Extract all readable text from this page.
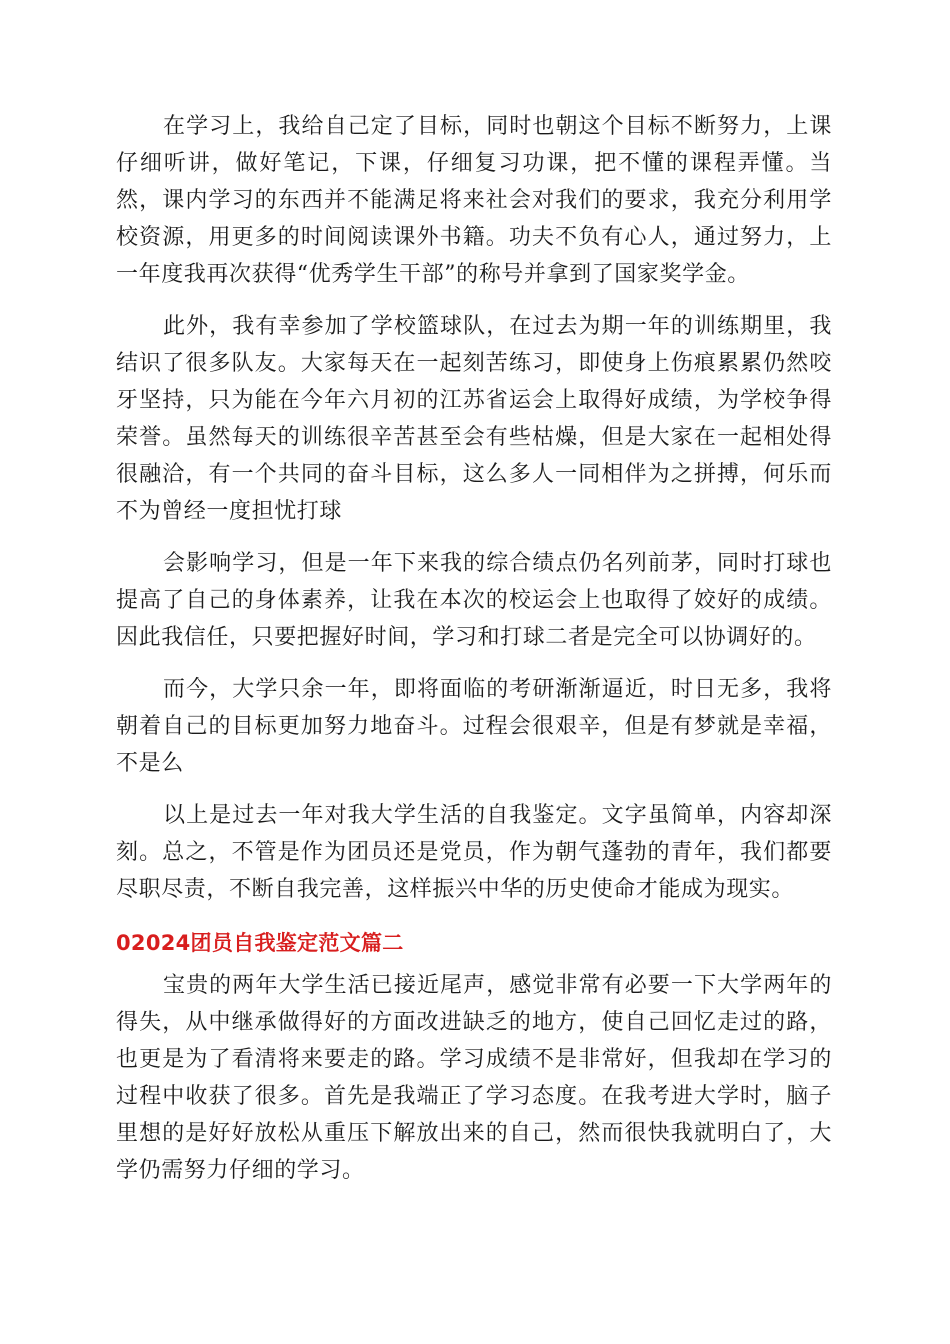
在学习上，我给自己定了目标，同时也朝这个目标不断努力，上课仔细听讲，做好笔记，下课，仔细复习功课，把不懂的课程弄懂。当然，课内学习的东西并不能满足将来社会对我们的要求，我充分利用学校资源，用更多的时间阅读课外书籍。功夫不负有心人，通过努力，上一年度我再次获得“优秀学生干部”的称号并拿到了国家奖学金。

此外，我有幸参加了学校篮球队，在过去为期一年的训练期里，我结识了很多队友。大家每天在一起刻苦练习，即使身上伤痕累累仍然咬牙坚持，只为能在今年六月初的江苏省运会上取得好成绩，为学校争得荣誉。虽然每天的训练很辛苦甚至会有些枯燥，但是大家在一起相处得很融洽，有一个共同的奋斗目标，这么多人一同相伴为之拼搏，何乐而不为曾经一度担忧打球

会影响学习，但是一年下来我的综合绩点仍名列前茅，同时打球也提高了自己的身体素养，让我在本次的校运会上也取得了姣好的成绩。因此我信任，只要把握好时间，学习和打球二者是完全可以协调好的。

而今，大学只余一年，即将面临的考研渐渐逼近，时日无多，我将朝着自己的目标更加努力地奋斗。过程会很艰辛，但是有梦就是幸福，不是么

以上是过去一年对我大学生活的自我鉴定。文字虽简单，内容却深刻。总之，不管是作为团员还是党员，作为朝气蓬勃的青年，我们都要尽职尽责，不断自我完善，这样振兴中华的历史使命才能成为现实。

02024团员自我鉴定范文篇二

宝贵的两年大学生活已接近尾声，感觉非常有必要一下大学两年的得失，从中继承做得好的方面改进缺乏的地方，使自己回忆走过的路，也更是为了看清将来要走的路。学习成绩不是非常好，但我却在学习的过程中收获了很多。首先是我端正了学习态度。在我考进大学时，脑子里想的是好好放松从重压下解放出来的自己，然而很快我就明白了，大学仍需努力仔细的学习。
